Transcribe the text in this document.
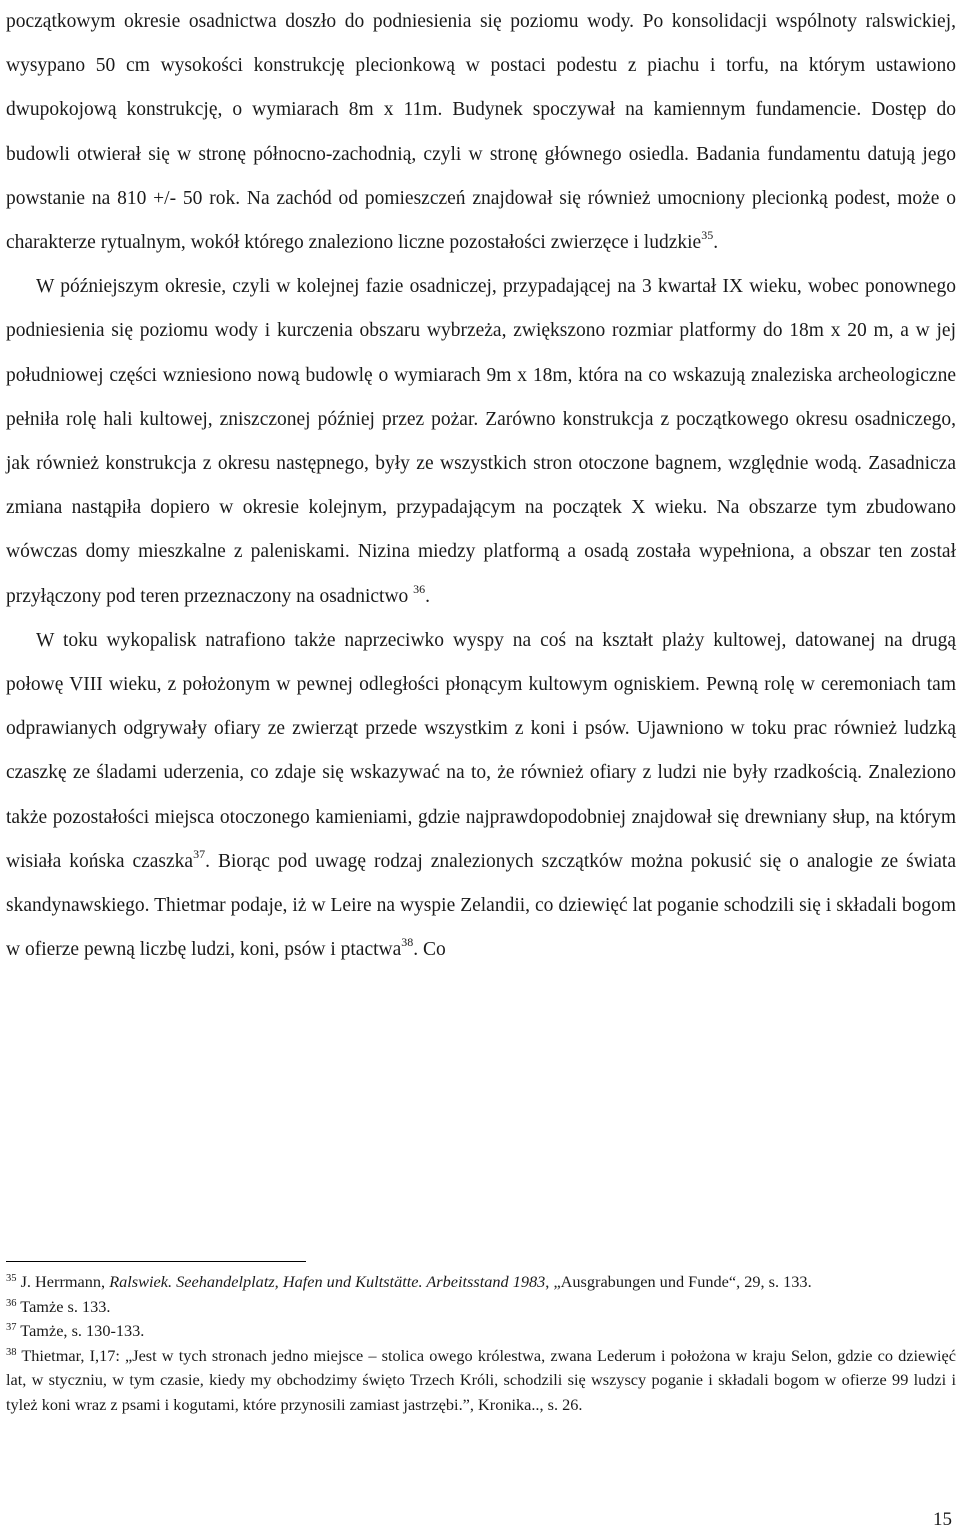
początkowym okresie osadnictwa doszło do podniesienia się poziomu wody. Po konsolidacji wspólnoty ralswickiej, wysypano 50 cm wysokości konstrukcję plecionkową w postaci podestu z piachu i torfu, na którym ustawiono dwupokojową konstrukcję, o wymiarach 8m x 11m. Budynek spoczywał na kamiennym fundamencie. Dostęp do budowli otwierał się w stronę północno-zachodnią, czyli w stronę głównego osiedla. Badania fundamentu datują jego powstanie na 810 +/- 50 rok. Na zachód od pomieszczeń znajdował się również umocniony plecionką podest, może o charakterze rytualnym, wokół którego znaleziono liczne pozostałości zwierzęce i ludzkie$^{35}$.

W późniejszym okresie, czyli w kolejnej fazie osadniczej, przypadającej na 3 kwartał IX wieku, wobec ponownego podniesienia się poziomu wody i kurczenia obszaru wybrzeża, zwiększono rozmiar platformy do 18m x 20 m, a w jej południowej części wzniesiono nową budowlę o wymiarach 9m x 18m, która na co wskazują znaleziska archeologiczne pełniła rolę hali kultowej, zniszczonej później przez pożar. Zarówno konstrukcja z początkowego okresu osadniczego, jak również konstrukcja z okresu następnego, były ze wszystkich stron otoczone bagnem, względnie wodą. Zasadnicza zmiana nastąpiła dopiero w okresie kolejnym, przypadającym na początek X wieku. Na obszarze tym zbudowano wówczas domy mieszkalne z paleniskami. Nizina miedzy platformą a osadą została wypełniona, a obszar ten został przyłączony pod teren przeznaczony na osadnictwo $^{36}$.

W toku wykopalisk natrafiono także naprzeciwko wyspy na coś na kształt plaży kultowej, datowanej na drugą połowę VIII wieku, z położonym w pewnej odległości płonącym kultowym ogniskiem. Pewną rolę w ceremoniach tam odprawianych odgrywały ofiary ze zwierząt przede wszystkim z koni i psów. Ujawniono w toku prac również ludzką czaszkę ze śladami uderzenia, co zdaje się wskazywać na to, że również ofiary z ludzi nie były rzadkością. Znaleziono także pozostałości miejsca otoczonego kamieniami, gdzie najprawdopodobniej znajdował się drewniany słup, na którym wisiała końska czaszka$^{37}$. Biorąc pod uwagę rodzaj znalezionych szczątków można pokusić się o analogie ze świata skandynawskiego. Thietmar podaje, iż w Leire na wyspie Zelandii, co dziewięć lat poganie schodzili się i składali bogom w ofierze pewną liczbę ludzi, koni, psów i ptactwa$^{38}$. Co

$^{35}$ J. Herrmann, Ralswiek. Seehandelplatz, Hafen und Kultstätte. Arbeitsstand 1983, „Ausgrabungen und Funde“, 29, s. 133.

$^{36}$ Tamże s. 133.

$^{37}$ Tamże, s. 130-133.

$^{38}$ Thietmar, I,17: „Jest w tych stronach jedno miejsce – stolica owego królestwa, zwana Lederum i położona w kraju Selon, gdzie co dziewięć lat, w styczniu, w tym czasie, kiedy my obchodzimy święto Trzech Króli, schodzili się wszyscy poganie i składali bogom w ofierze 99 ludzi i tyleż koni wraz z psami i kogutami, które przynosili zamiast jastrzębi.”, Kronika.., s. 26.

15
